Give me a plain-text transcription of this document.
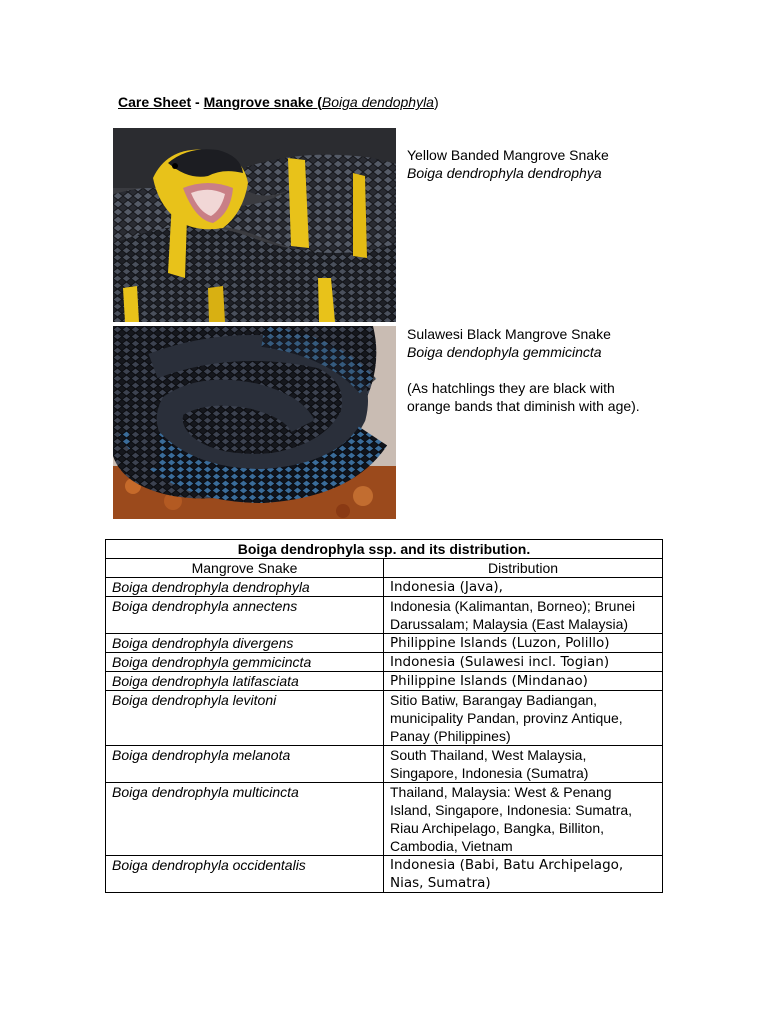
Care Sheet - Mangrove snake (Boiga dendophyla)
Yellow Banded Mangrove Snake
Boiga dendrophyla dendrophya
Sulawesi Black Mangrove Snake
Boiga dendophyla gemmicincta
(As hatchlings they are black with orange bands that diminish with age).
Boiga dendrophyla ssp. and its distribution.	
Mangrove Snake	Distribution
Boiga dendrophyla dendrophyla	Indonesia (Java),
Boiga dendrophyla annectens	Indonesia (Kalimantan, Borneo); Brunei Darussalam; Malaysia (East Malaysia)
Boiga dendrophyla divergens	Philippine Islands (Luzon, Polillo)
Boiga dendrophyla gemmicincta	Indonesia (Sulawesi incl. Togian)
Boiga dendrophyla latifasciata	Philippine Islands (Mindanao)
Boiga dendrophyla levitoni	Sitio Batiw, Barangay Badiangan, municipality Pandan, provinz Antique, Panay (Philippines)
Boiga dendrophyla melanota	South Thailand, West Malaysia, Singapore, Indonesia (Sumatra)
Boiga dendrophyla multicincta	Thailand, Malaysia: West & Penang Island, Singapore, Indonesia: Sumatra, Riau Archipelago, Bangka, Billiton, Cambodia, Vietnam
Boiga dendrophyla occidentalis	Indonesia (Babi, Batu Archipelago, Nias, Sumatra)
